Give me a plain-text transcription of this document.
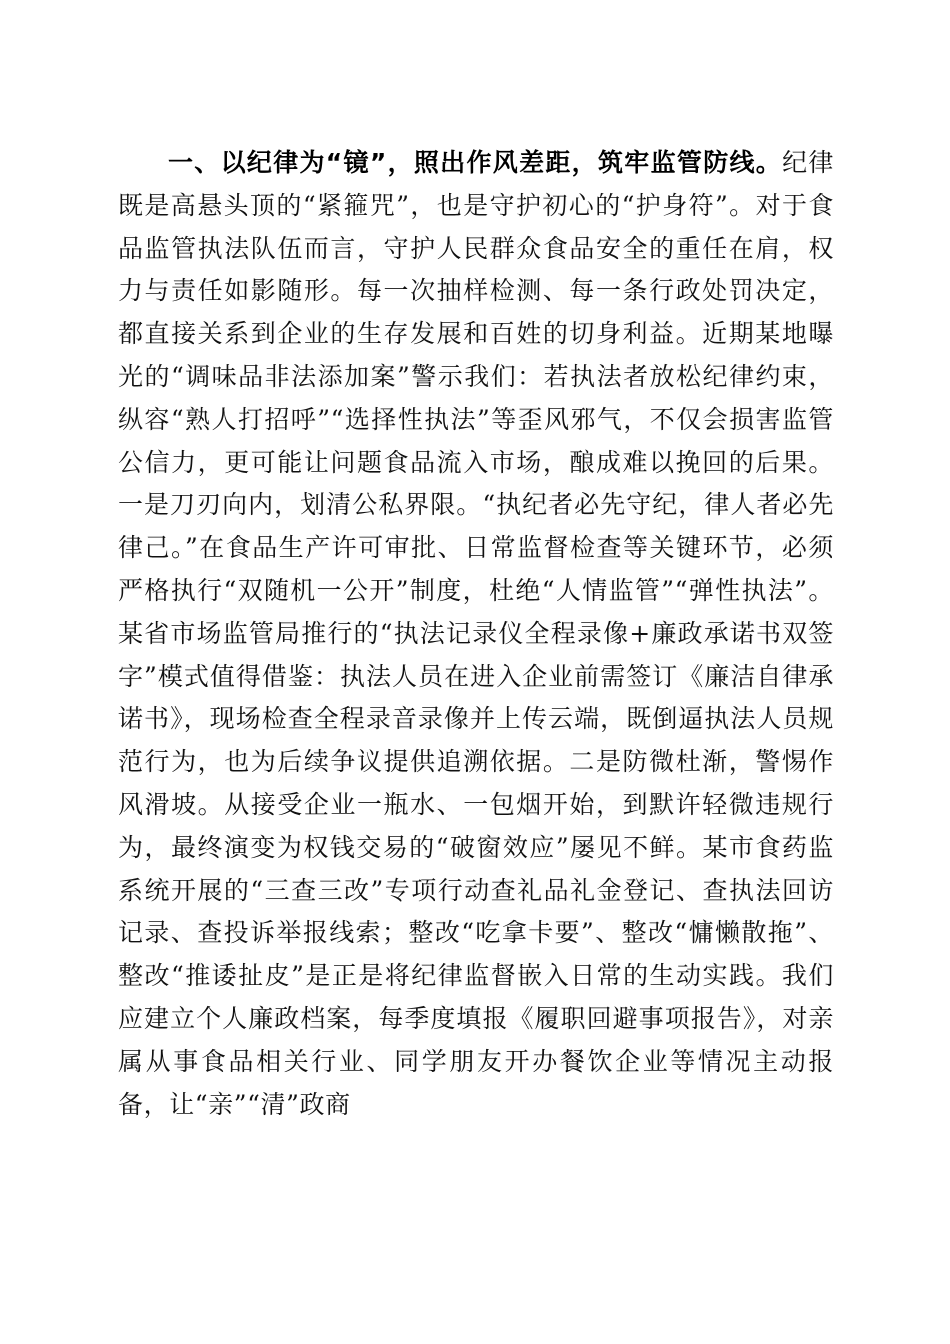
一、以纪律为“镜”，照出作风差距，筑牢监管防线。纪律既是高悬头顶的“紧箍咒”，也是守护初心的“护身符”。对于食品监管执法队伍而言，守护人民群众食品安全的重任在肩，权力与责任如影随形。每一次抽样检测、每一条行政处罚决定，都直接关系到企业的生存发展和百姓的切身利益。近期某地曝光的“调味品非法添加案”警示我们：若执法者放松纪律约束，纵容“熟人打招呼”“选择性执法”等歪风邪气，不仅会损害监管公信力，更可能让问题食品流入市场，酿成难以挽回的后果。一是刀刃向内，划清公私界限。“执纪者必先守纪，律人者必先律己。”在食品生产许可审批、日常监督检查等关键环节，必须严格执行“双随机一公开”制度，杜绝“人情监管”“弹性执法”。某省市场监管局推行的“执法记录仪全程录像+廉政承诺书双签字”模式值得借鉴：执法人员在进入企业前需签订《廉洁自律承诺书》，现场检查全程录音录像并上传云端，既倒逼执法人员规范行为，也为后续争议提供追溯依据。二是防微杜渐，警惕作风滑坡。从接受企业一瓶水、一包烟开始，到默许轻微违规行为，最终演变为权钱交易的“破窗效应”屡见不鲜。某市食药监系统开展的“三查三改”专项行动查礼品礼金登记、查执法回访记录、查投诉举报线索；整改“吃拿卡要”、整改“慵懒散拖”、整改“推诿扯皮”是正是将纪律监督嵌入日常的生动实践。我们应建立个人廉政档案，每季度填报《履职回避事项报告》，对亲属从事食品相关行业、同学朋友开办餐饮企业等情况主动报备，让“亲”“清”政商
